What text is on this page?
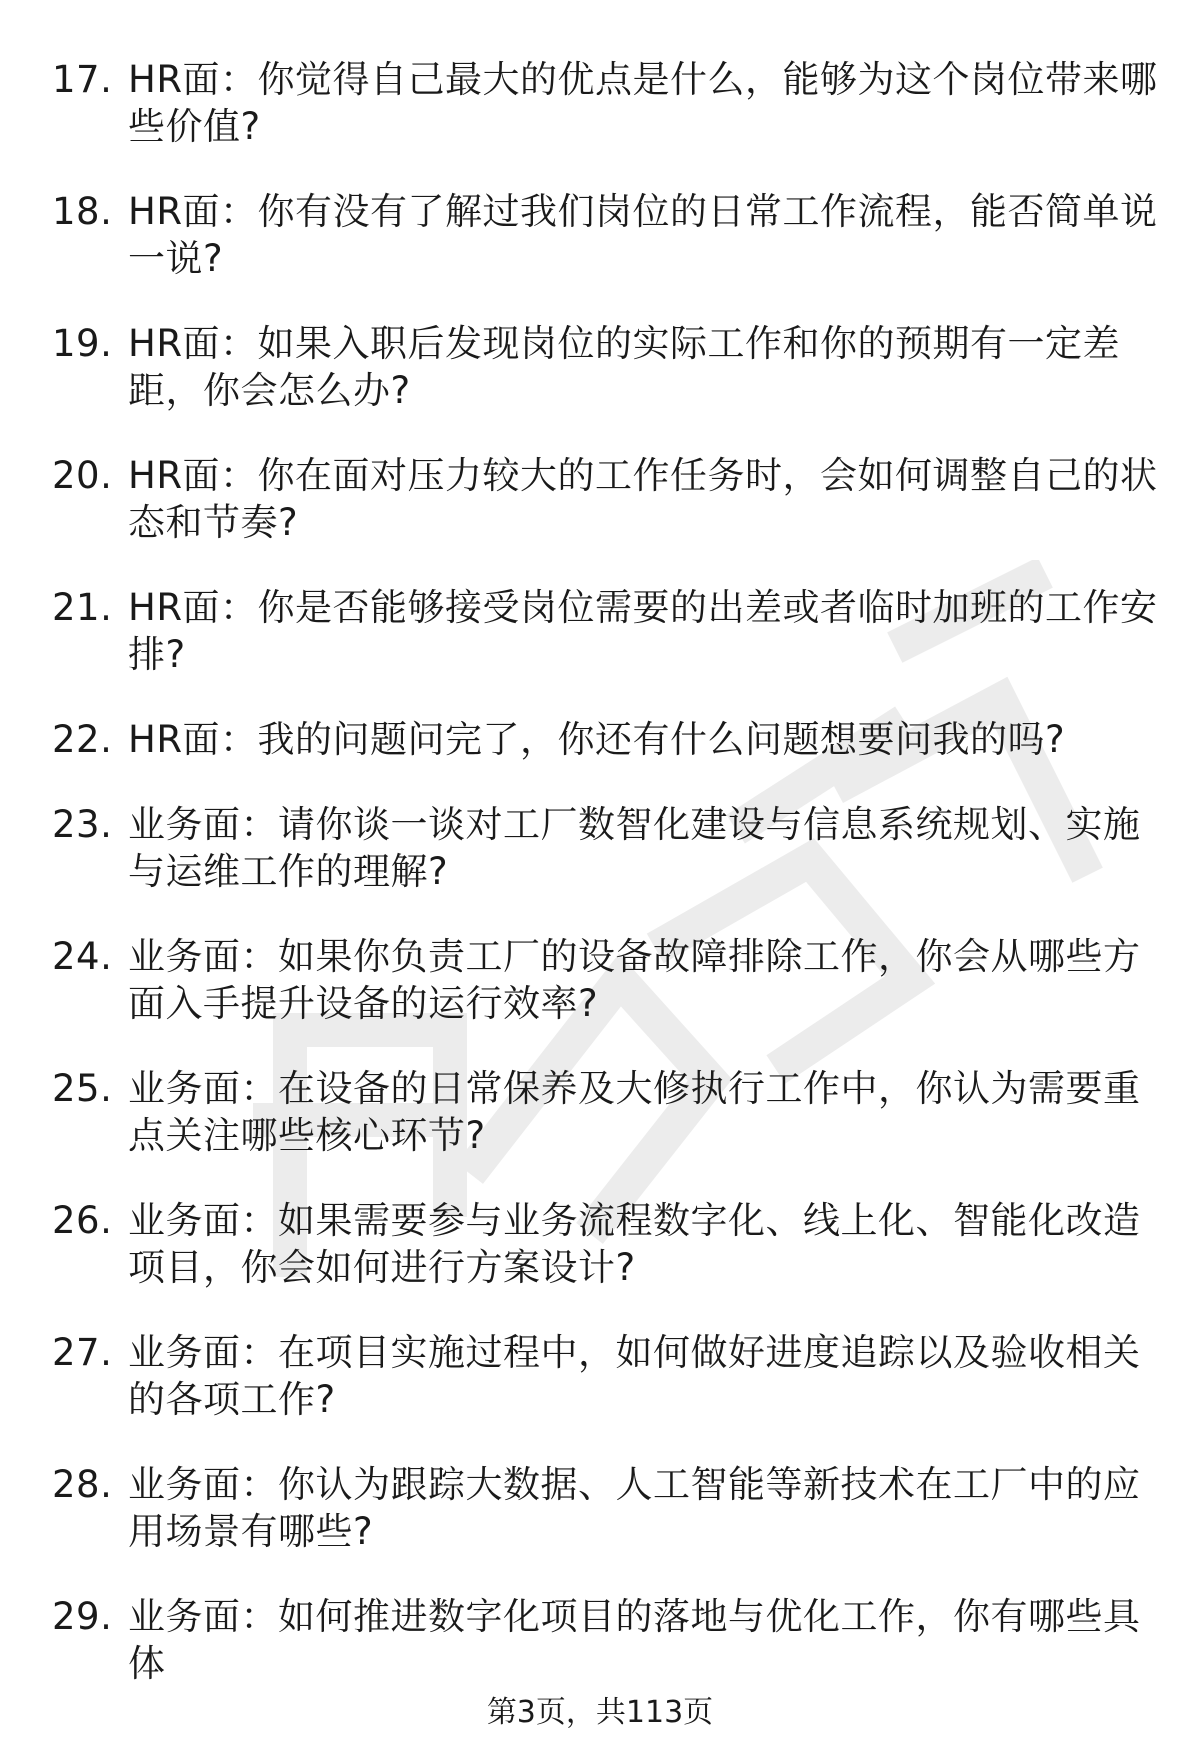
17. HR面：你觉得自己最大的优点是什么，能够为这个岗位带来哪些价值?
18. HR面：你有没有了解过我们岗位的日常工作流程，能否简单说一说?
19. HR面：如果入职后发现岗位的实际工作和你的预期有一定差距，你会怎么办?
20. HR面：你在面对压力较大的工作任务时，会如何调整自己的状态和节奏?
21. HR面：你是否能够接受岗位需要的出差或者临时加班的工作安排?
22. HR面：我的问题问完了，你还有什么问题想要问我的吗?
23. 业务面：请你谈一谈对工厂数智化建设与信息系统规划、实施与运维工作的理解?
24. 业务面：如果你负责工厂的设备故障排除工作，你会从哪些方面入手提升设备的运行效率?
25. 业务面：在设备的日常保养及大修执行工作中，你认为需要重点关注哪些核心环节?
26. 业务面：如果需要参与业务流程数字化、线上化、智能化改造项目，你会如何进行方案设计?
27. 业务面：在项目实施过程中，如何做好进度追踪以及验收相关的各项工作?
28. 业务面：你认为跟踪大数据、人工智能等新技术在工厂中的应用场景有哪些?
29. 业务面：如何推进数字化项目的落地与优化工作，你有哪些具体
第3页，共113页
